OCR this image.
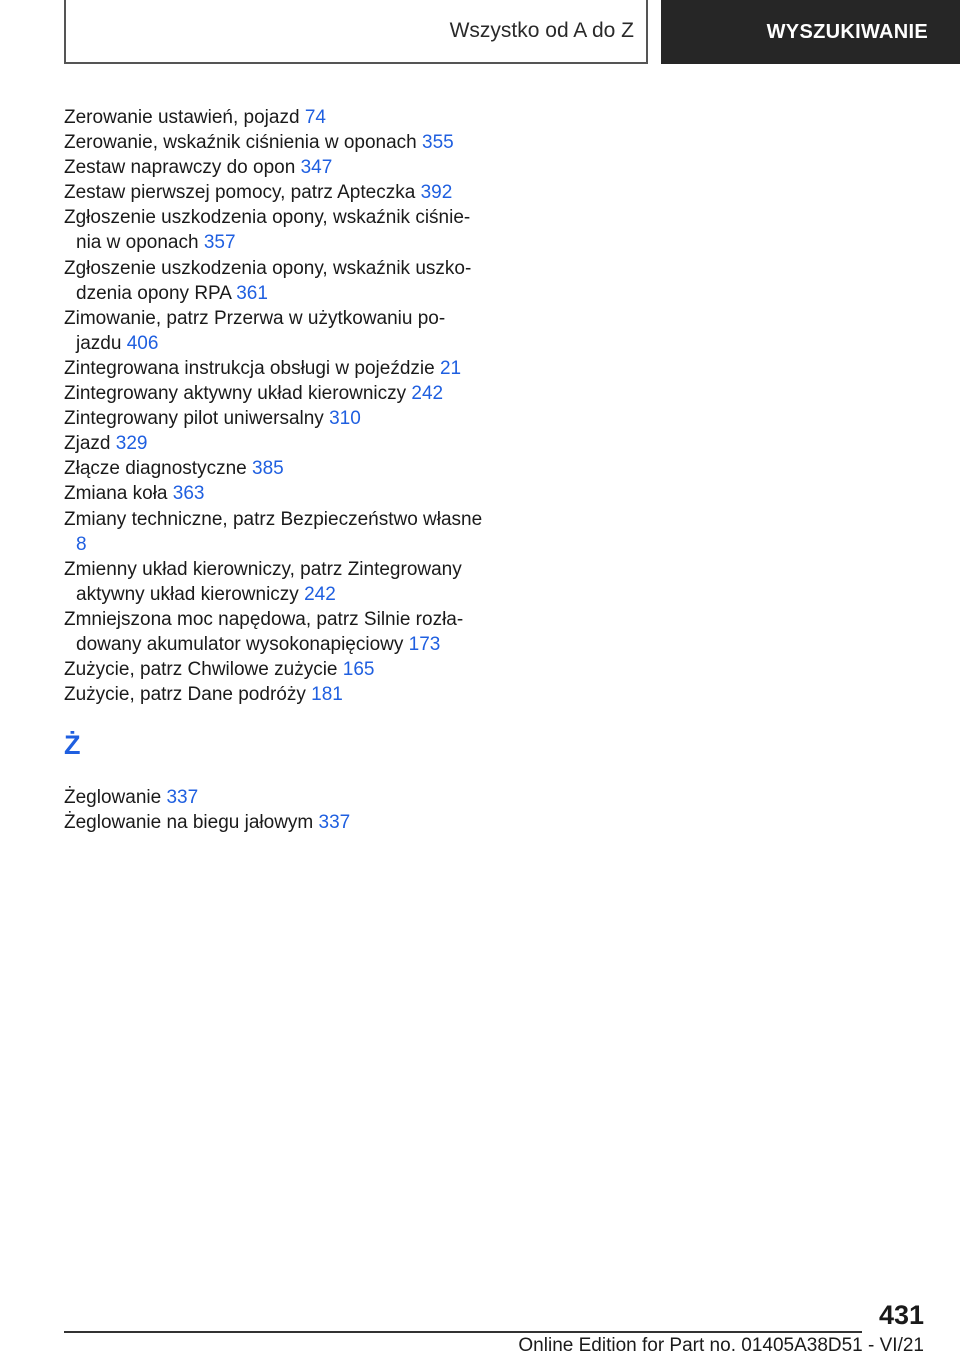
Wszystko od A do Z	WYSZUKIWANIE
Zerowanie ustawień, pojazd 74
Zerowanie, wskaźnik ciśnienia w oponach 355
Zestaw naprawczy do opon 347
Zestaw pierwszej pomocy, patrz Apteczka 392
Zgłoszenie uszkodzenia opony, wskaźnik ciśnie‐ nia w oponach 357
Zgłoszenie uszkodzenia opony, wskaźnik uszko‐ dzenia opony RPA 361
Zimowanie, patrz Przerwa w użytkowaniu po‐ jazdu 406
Zintegrowana instrukcja obsługi w pojeździe 21
Zintegrowany aktywny układ kierowniczy 242
Zintegrowany pilot uniwersalny 310
Zjazd 329
Złącze diagnostyczne 385
Zmiana koła 363
Zmiany techniczne, patrz Bezpieczeństwo własne 8
Zmienny układ kierowniczy, patrz Zintegrowany aktywny układ kierowniczy 242
Zmniejszona moc napędowa, patrz Silnie rozła‐ dowany akumulator wysokonapięciowy 173
Zużycie, patrz Chwilowe zużycie 165
Zużycie, patrz Dane podróży 181
Ż
Żeglowanie 337
Żeglowanie na biegu jałowym 337
431
Online Edition for Part no. 01405A38D51 - VI/21
